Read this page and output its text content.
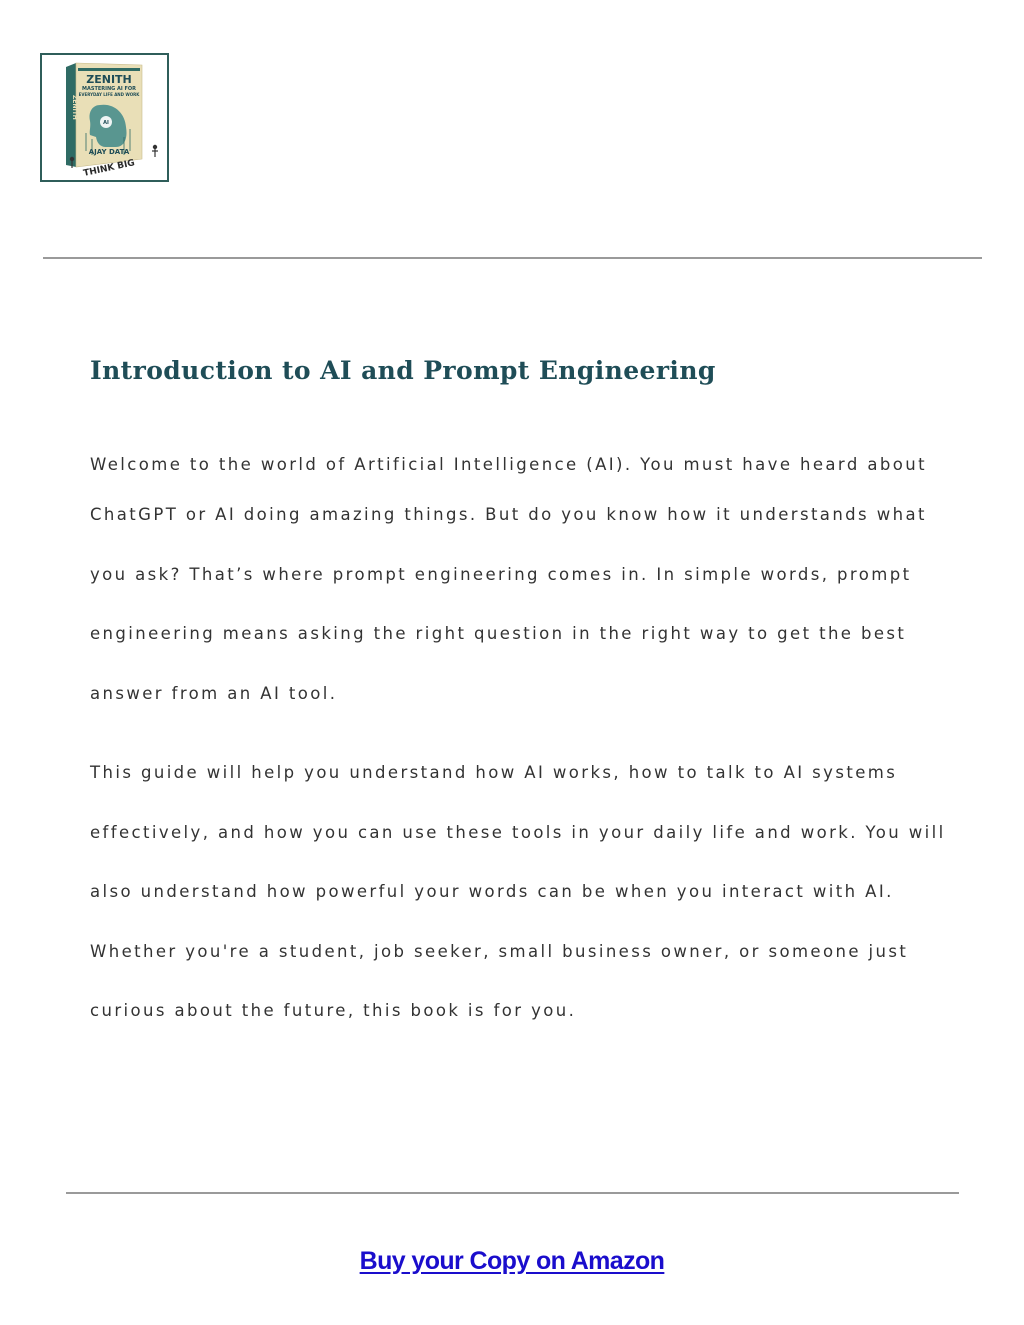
ZENITH
MASTERING AI FOR
EVERYDAY LIFE AND WORK
AI
AJAY DATA
ZENITH
THINK BIG
Introduction to AI and Prompt Engineering
Welcome to the world of Artificial Intelligence (AI). You must have heard about
ChatGPT or AI doing amazing things. But do you know how it understands what
you ask? That’s where prompt engineering comes in. In simple words, prompt
engineering means asking the right question in the right way to get the best
answer from an AI tool.
This guide will help you understand how AI works, how to talk to AI systems
effectively, and how you can use these tools in your daily life and work. You will
also understand how powerful your words can be when you interact with AI.
Whether you're a student, job seeker, small business owner, or someone just
curious about the future, this book is for you.
Buy your Copy on Amazon
